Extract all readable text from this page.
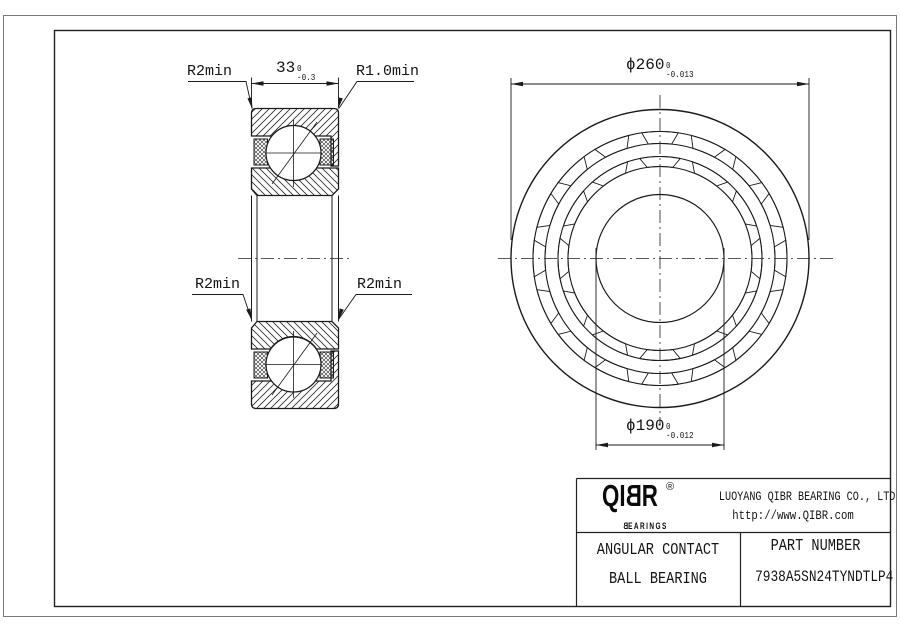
R2min	33 0
-0.3	R1.0min
R2min	R2min
ϕ260 0
-0.013
ϕ190 0
-0.012
QIBR ®
BEARINGS
LUOYANG QIBR BEARING CO., LTD
http://www.QIBR.com
ANGULAR CONTACT
BALL BEARING
PART NUMBER
7938A5SN24TYNDTLP4
